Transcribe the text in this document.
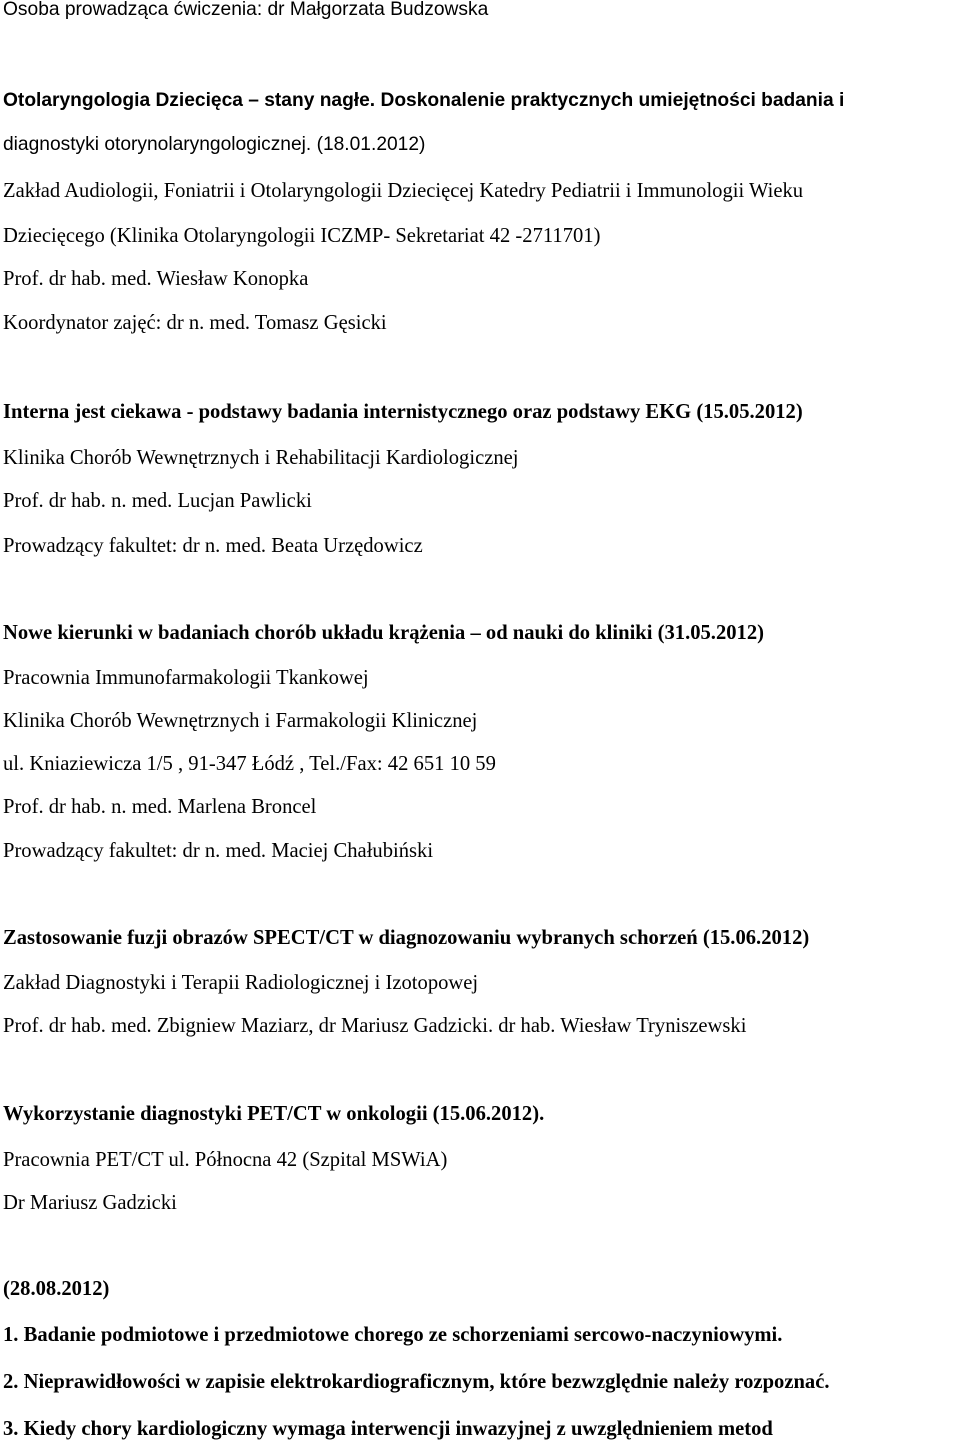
Osoba prowadząca ćwiczenia: dr Małgorzata Budzowska

Otolaryngologia Dziecięca – stany nagłe. Doskonalenie praktycznych umiejętności badania i

diagnostyki otorynolaryngologicznej. (18.01.2012)

Zakład Audiologii, Foniatrii i Otolaryngologii Dziecięcej Katedry Pediatrii i Immunologii Wieku

Dziecięcego (Klinika Otolaryngologii ICZMP- Sekretariat 42 -2711701)

Prof. dr hab. med. Wiesław Konopka

Koordynator zajęć: dr n. med. Tomasz Gęsicki

Interna jest ciekawa - podstawy badania internistycznego oraz podstawy EKG (15.05.2012)

Klinika Chorób Wewnętrznych i Rehabilitacji Kardiologicznej

Prof. dr hab. n. med. Lucjan Pawlicki

Prowadzący fakultet: dr n. med. Beata Urzędowicz

Nowe kierunki w badaniach chorób układu krążenia – od nauki do kliniki (31.05.2012)

Pracownia Immunofarmakologii Tkankowej

Klinika Chorób Wewnętrznych i Farmakologii Klinicznej

ul. Kniaziewicza 1/5 , 91-347 Łódź , Tel./Fax: 42 651 10 59

Prof. dr hab. n. med. Marlena Broncel

Prowadzący fakultet: dr n. med. Maciej Chałubiński

Zastosowanie fuzji obrazów SPECT/CT w diagnozowaniu wybranych schorzeń (15.06.2012)

Zakład Diagnostyki i Terapii Radiologicznej i Izotopowej

Prof. dr hab. med. Zbigniew Maziarz, dr Mariusz Gadzicki. dr hab. Wiesław Tryniszewski

Wykorzystanie diagnostyki PET/CT w onkologii (15.06.2012).

Pracownia PET/CT ul. Północna 42 (Szpital MSWiA)

Dr Mariusz Gadzicki

(28.08.2012)

1. Badanie podmiotowe i przedmiotowe chorego ze schorzeniami sercowo-naczyniowymi.

2. Nieprawidłowości w zapisie elektrokardiograficznym, które bezwzględnie należy rozpoznać.

3. Kiedy chory kardiologiczny wymaga interwencji inwazyjnej z uwzględnieniem metod
